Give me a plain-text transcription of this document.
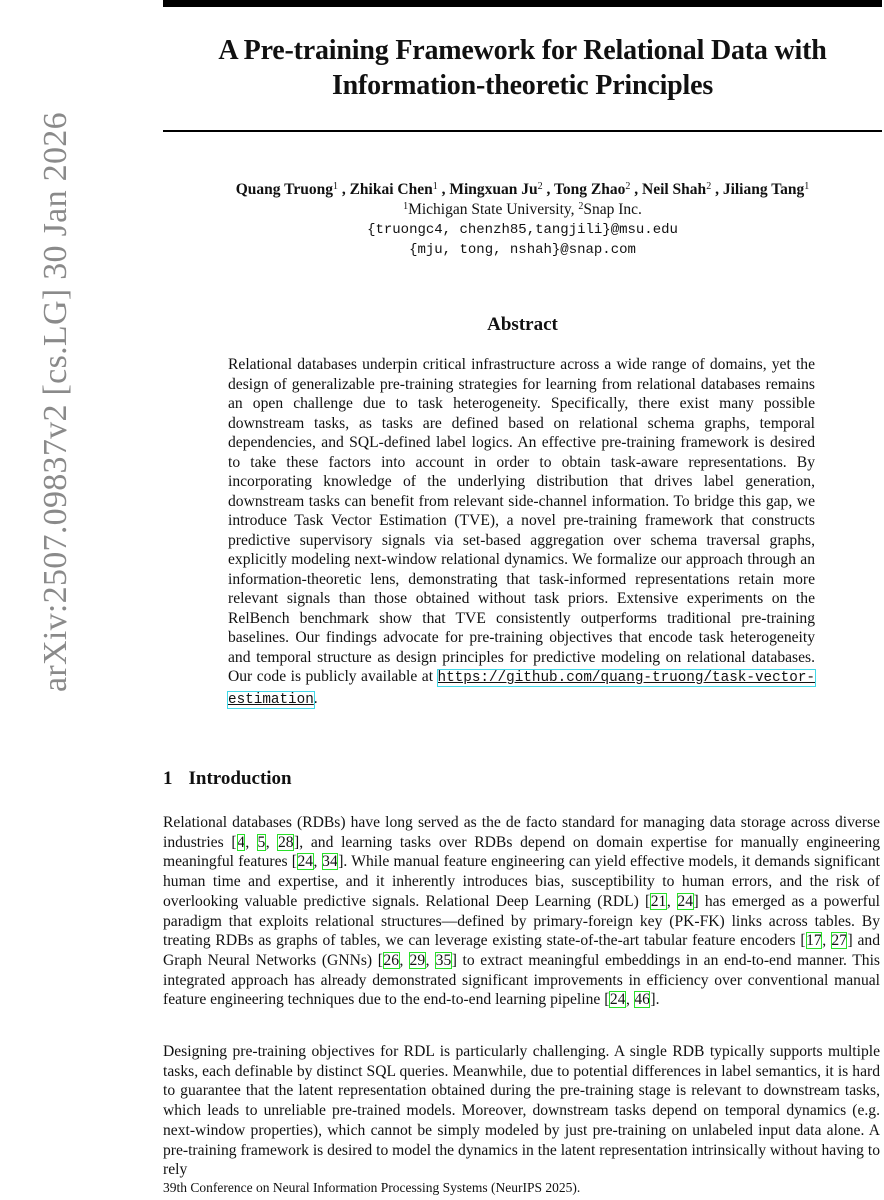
arXiv:2507.09837v2 [cs.LG] 30 Jan 2026
A Pre-training Framework for Relational Data with
Information-theoretic Principles
Quang Truong$^1$ , Zhikai Chen$^1$ , Mingxuan Ju$^2$ , Tong Zhao$^2$ , Neil Shah$^2$ , Jiliang Tang$^1$
$^1$Michigan State University, $^2$Snap Inc.
{truongc4, chenzh85,tangjili}@msu.edu
{mju, tong, nshah}@snap.com
Abstract
Relational databases underpin critical infrastructure across a wide range of domains, yet the design of generalizable pre-training strategies for learning from relational databases remains an open challenge due to task heterogeneity. Specifically, there exist many possible downstream tasks, as tasks are defined based on relational schema graphs, temporal dependencies, and SQL-defined label logics. An effective pre-training framework is desired to take these factors into account in order to obtain task-aware representations. By incorporating knowledge of the underlying distribution that drives label generation, downstream tasks can benefit from relevant side-channel information. To bridge this gap, we introduce Task Vector Estimation (TVE), a novel pre-training framework that constructs predictive supervisory signals via set-based aggregation over schema traversal graphs, explicitly modeling next-window relational dynamics. We formalize our approach through an information-theoretic lens, demonstrating that task-informed representations retain more relevant signals than those obtained without task priors. Extensive experiments on the RelBench benchmark show that TVE consistently outperforms traditional pre-training baselines. Our findings advocate for pre-training objectives that encode task heterogeneity and temporal structure as design principles for predictive modeling on relational databases. Our code is publicly available at https://github.com/quang-truong/task-vector-estimation.
1 Introduction
Relational databases (RDBs) have long served as the de facto standard for managing data storage across diverse industries [4, 5, 28], and learning tasks over RDBs depend on domain expertise for manually engineering meaningful features [24, 34]. While manual feature engineering can yield effective models, it demands significant human time and expertise, and it inherently introduces bias, susceptibility to human errors, and the risk of overlooking valuable predictive signals. Relational Deep Learning (RDL) [21, 24] has emerged as a powerful paradigm that exploits relational structures—defined by primary-foreign key (PK-FK) links across tables. By treating RDBs as graphs of tables, we can leverage existing state-of-the-art tabular feature encoders [17, 27] and Graph Neural Networks (GNNs) [26, 29, 35] to extract meaningful embeddings in an end-to-end manner. This integrated approach has already demonstrated significant improvements in efficiency over conventional manual feature engineering techniques due to the end-to-end learning pipeline [24, 46].
Designing pre-training objectives for RDL is particularly challenging. A single RDB typically supports multiple tasks, each definable by distinct SQL queries. Meanwhile, due to potential differences in label semantics, it is hard to guarantee that the latent representation obtained during the pre-training stage is relevant to downstream tasks, which leads to unreliable pre-trained models. Moreover, downstream tasks depend on temporal dynamics (e.g. next-window properties), which cannot be simply modeled by just pre-training on unlabeled input data alone. A pre-training framework is desired to model the dynamics in the latent representation intrinsically without having to rely
39th Conference on Neural Information Processing Systems (NeurIPS 2025).
